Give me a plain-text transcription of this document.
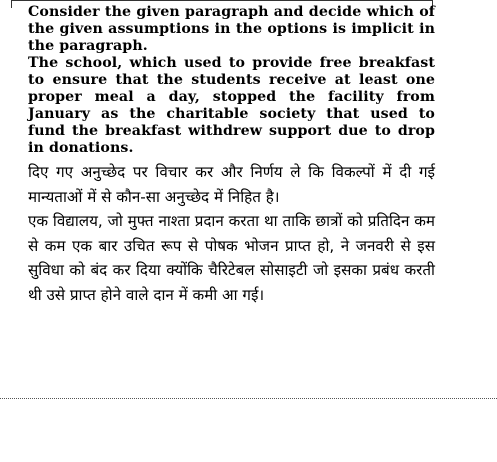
Consider the given paragraph and decide which of the given assumptions in the options is implicit in the paragraph.

The school, which used to provide free breakfast to ensure that the students receive at least one proper meal a day, stopped the facility from January as the charitable society that used to fund the breakfast withdrew support due to drop in donations.

दिए गए अनुच्छेद पर विचार कर और निर्णय ले कि विकल्पों में दी गई मान्यताओं में से कौन-सा अनुच्छेद में निहित है।

एक विद्यालय, जो मुफ्त नाश्ता प्रदान करता था ताकि छात्रों को प्रतिदिन कम से कम एक बार उचित रूप से पोषक भोजन प्राप्त हो, ने जनवरी से इस सुविधा को बंद कर दिया क्योंकि चैरिटेबल सोसाइटी जो इसका प्रबंध करती थी उसे प्राप्त होने वाले दान में कमी आ गई।
